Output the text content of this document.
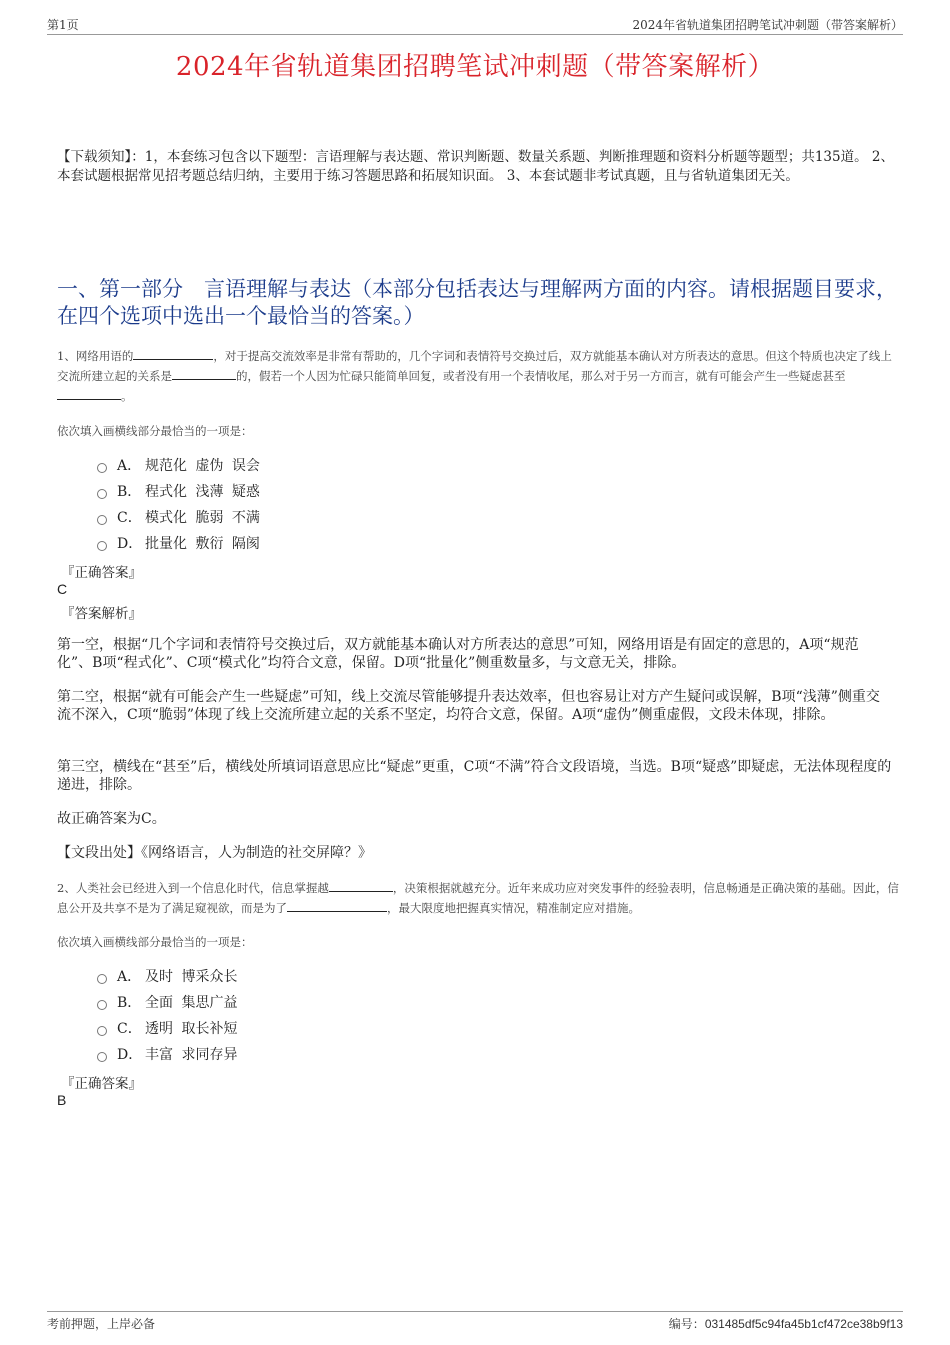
第1页	2024年省轨道集团招聘笔试冲刺题（带答案解析）
2024年省轨道集团招聘笔试冲刺题（带答案解析）
【下载须知】：1，本套练习包含以下题型：言语理解与表达题、常识判断题、数量关系题、判断推理题和资料分析题等题型；共135道。 2、本套试题根据常见招考题总结归纳，主要用于练习答题思路和拓展知识面。 3、本套试题非考试真题，且与省轨道集团无关。
一、第一部分　言语理解与表达（本部分包括表达与理解两方面的内容。请根据题目要求，在四个选项中选出一个最恰当的答案。）
1、网络用语的	，对于提高交流效率是非常有帮助的，几个字词和表情符号交换过后，双方就能基本确认对方所表达的意思。但这个特质也决定了线上交流所建立起的关系是	的，假若一个人因为忙碌只能简单回复，或者没有用一个表情收尾，那么对于另一方而言，就有可能会产生一些疑虑甚至。
依次填入画横线部分最恰当的一项是：
A． 规范化 虚伪 误会
B． 程式化 浅薄 疑惑
C． 模式化 脆弱 不满
D． 批量化 敷衍 隔阂
『正确答案』
C
『答案解析』
第一空，根据“几个字词和表情符号交换过后，双方就能基本确认对方所表达的意思”可知，网络用语是有固定的意思的，A项“规范化”、B项“程式化”、C项“模式化”均符合文意，保留。D项“批量化”侧重数量多，与文意无关，排除。
第二空，根据“就有可能会产生一些疑虑”可知，线上交流尽管能够提升表达效率，但也容易让对方产生疑问或误解，B项“浅薄”侧重交流不深入，C项“脆弱”体现了线上交流所建立起的关系不坚定，均符合文意，保留。A项“虚伪”侧重虚假，文段未体现，排除。
第三空，横线在“甚至”后，横线处所填词语意思应比“疑虑”更重，C项“不满”符合文段语境，当选。B项“疑惑”即疑虑，无法体现程度的递进，排除。
故正确答案为C。
【文段出处】《网络语言，人为制造的社交屏障？》
2、人类社会已经进入到一个信息化时代，信息掌握越	，决策根据就越充分。近年来成功应对突发事件的经验表明，信息畅通是正确决策的基础。因此，信息公开及共享不是为了满足窥视欲，而是为了	，最大限度地把握真实情况，精准制定应对措施。
依次填入画横线部分最恰当的一项是：
A． 及时 博采众长
B． 全面 集思广益
C． 透明 取长补短
D． 丰富 求同存异
『正确答案』
B
考前押题，上岸必备	编号：031485df5c94fa45b1cf472ce38b9f13
